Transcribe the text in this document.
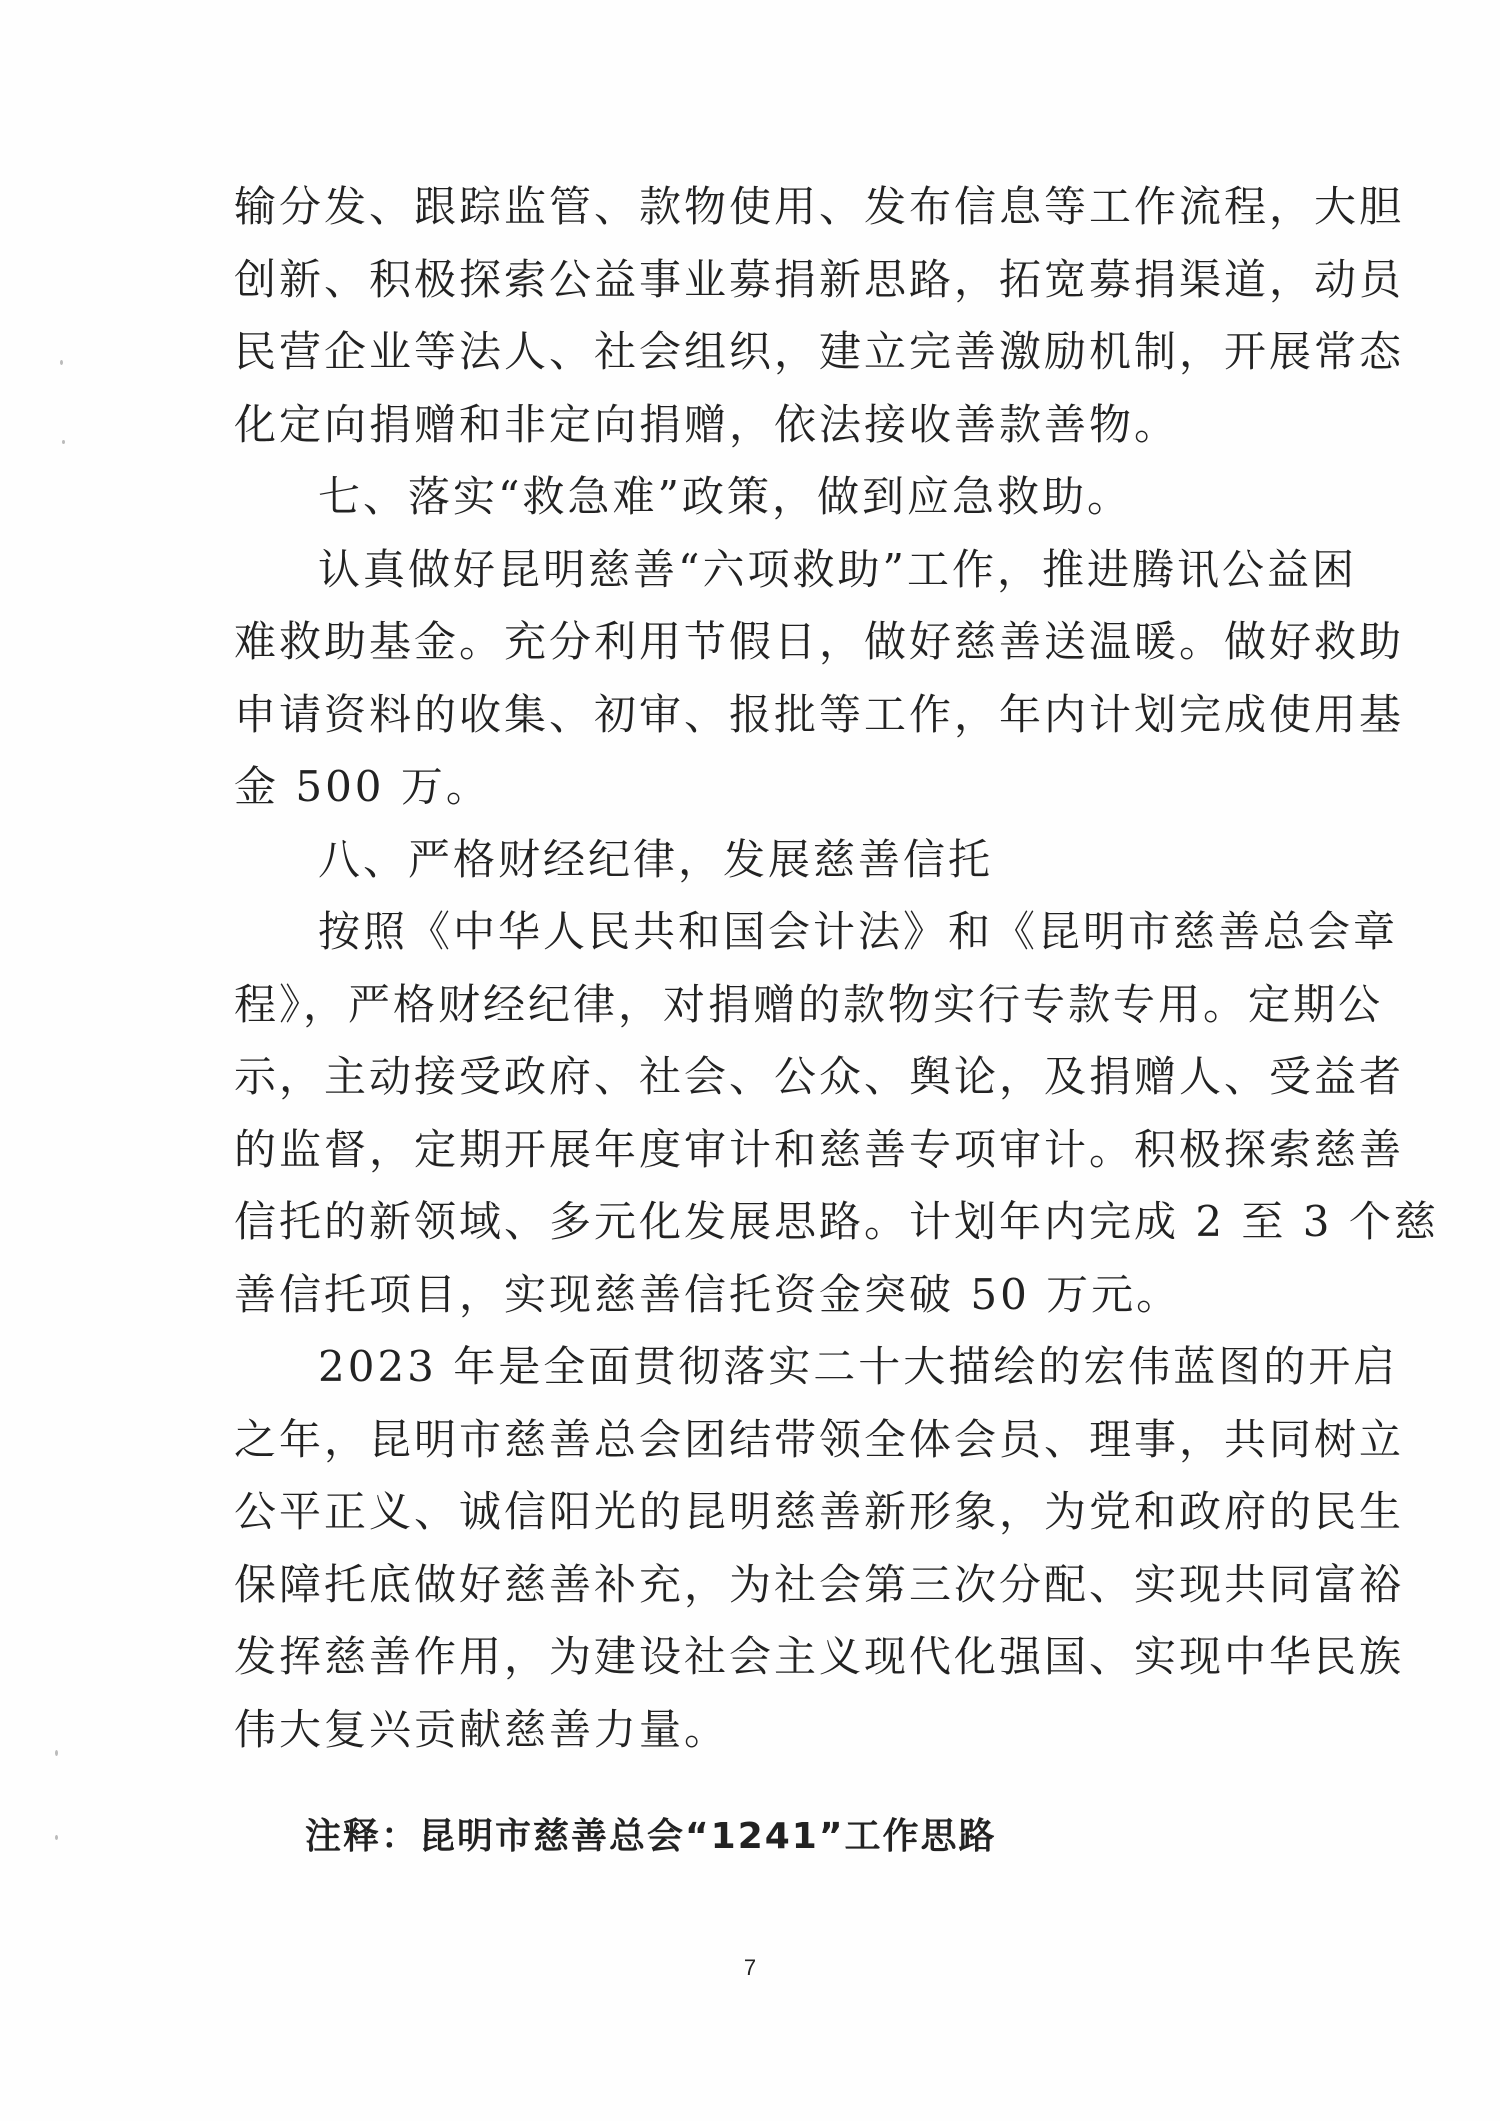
输分发、跟踪监管、款物使用、发布信息等工作流程，大胆
创新、积极探索公益事业募捐新思路，拓宽募捐渠道，动员
民营企业等法人、社会组织，建立完善激励机制，开展常态
化定向捐赠和非定向捐赠，依法接收善款善物。
七、落实“救急难”政策，做到应急救助。
认真做好昆明慈善“六项救助”工作，推进腾讯公益困
难救助基金。充分利用节假日，做好慈善送温暖。做好救助
申请资料的收集、初审、报批等工作，年内计划完成使用基
金 500 万。
八、严格财经纪律，发展慈善信托
按照《中华人民共和国会计法》和《昆明市慈善总会章
程》，严格财经纪律，对捐赠的款物实行专款专用。定期公
示，主动接受政府、社会、公众、舆论，及捐赠人、受益者
的监督，定期开展年度审计和慈善专项审计。积极探索慈善
信托的新领域、多元化发展思路。计划年内完成 2 至 3 个慈
善信托项目，实现慈善信托资金突破 50 万元。
2023 年是全面贯彻落实二十大描绘的宏伟蓝图的开启
之年，昆明市慈善总会团结带领全体会员、理事，共同树立
公平正义、诚信阳光的昆明慈善新形象，为党和政府的民生
保障托底做好慈善补充，为社会第三次分配、实现共同富裕
发挥慈善作用，为建设社会主义现代化强国、实现中华民族
伟大复兴贡献慈善力量。
注释：昆明市慈善总会“1241”工作思路
7
